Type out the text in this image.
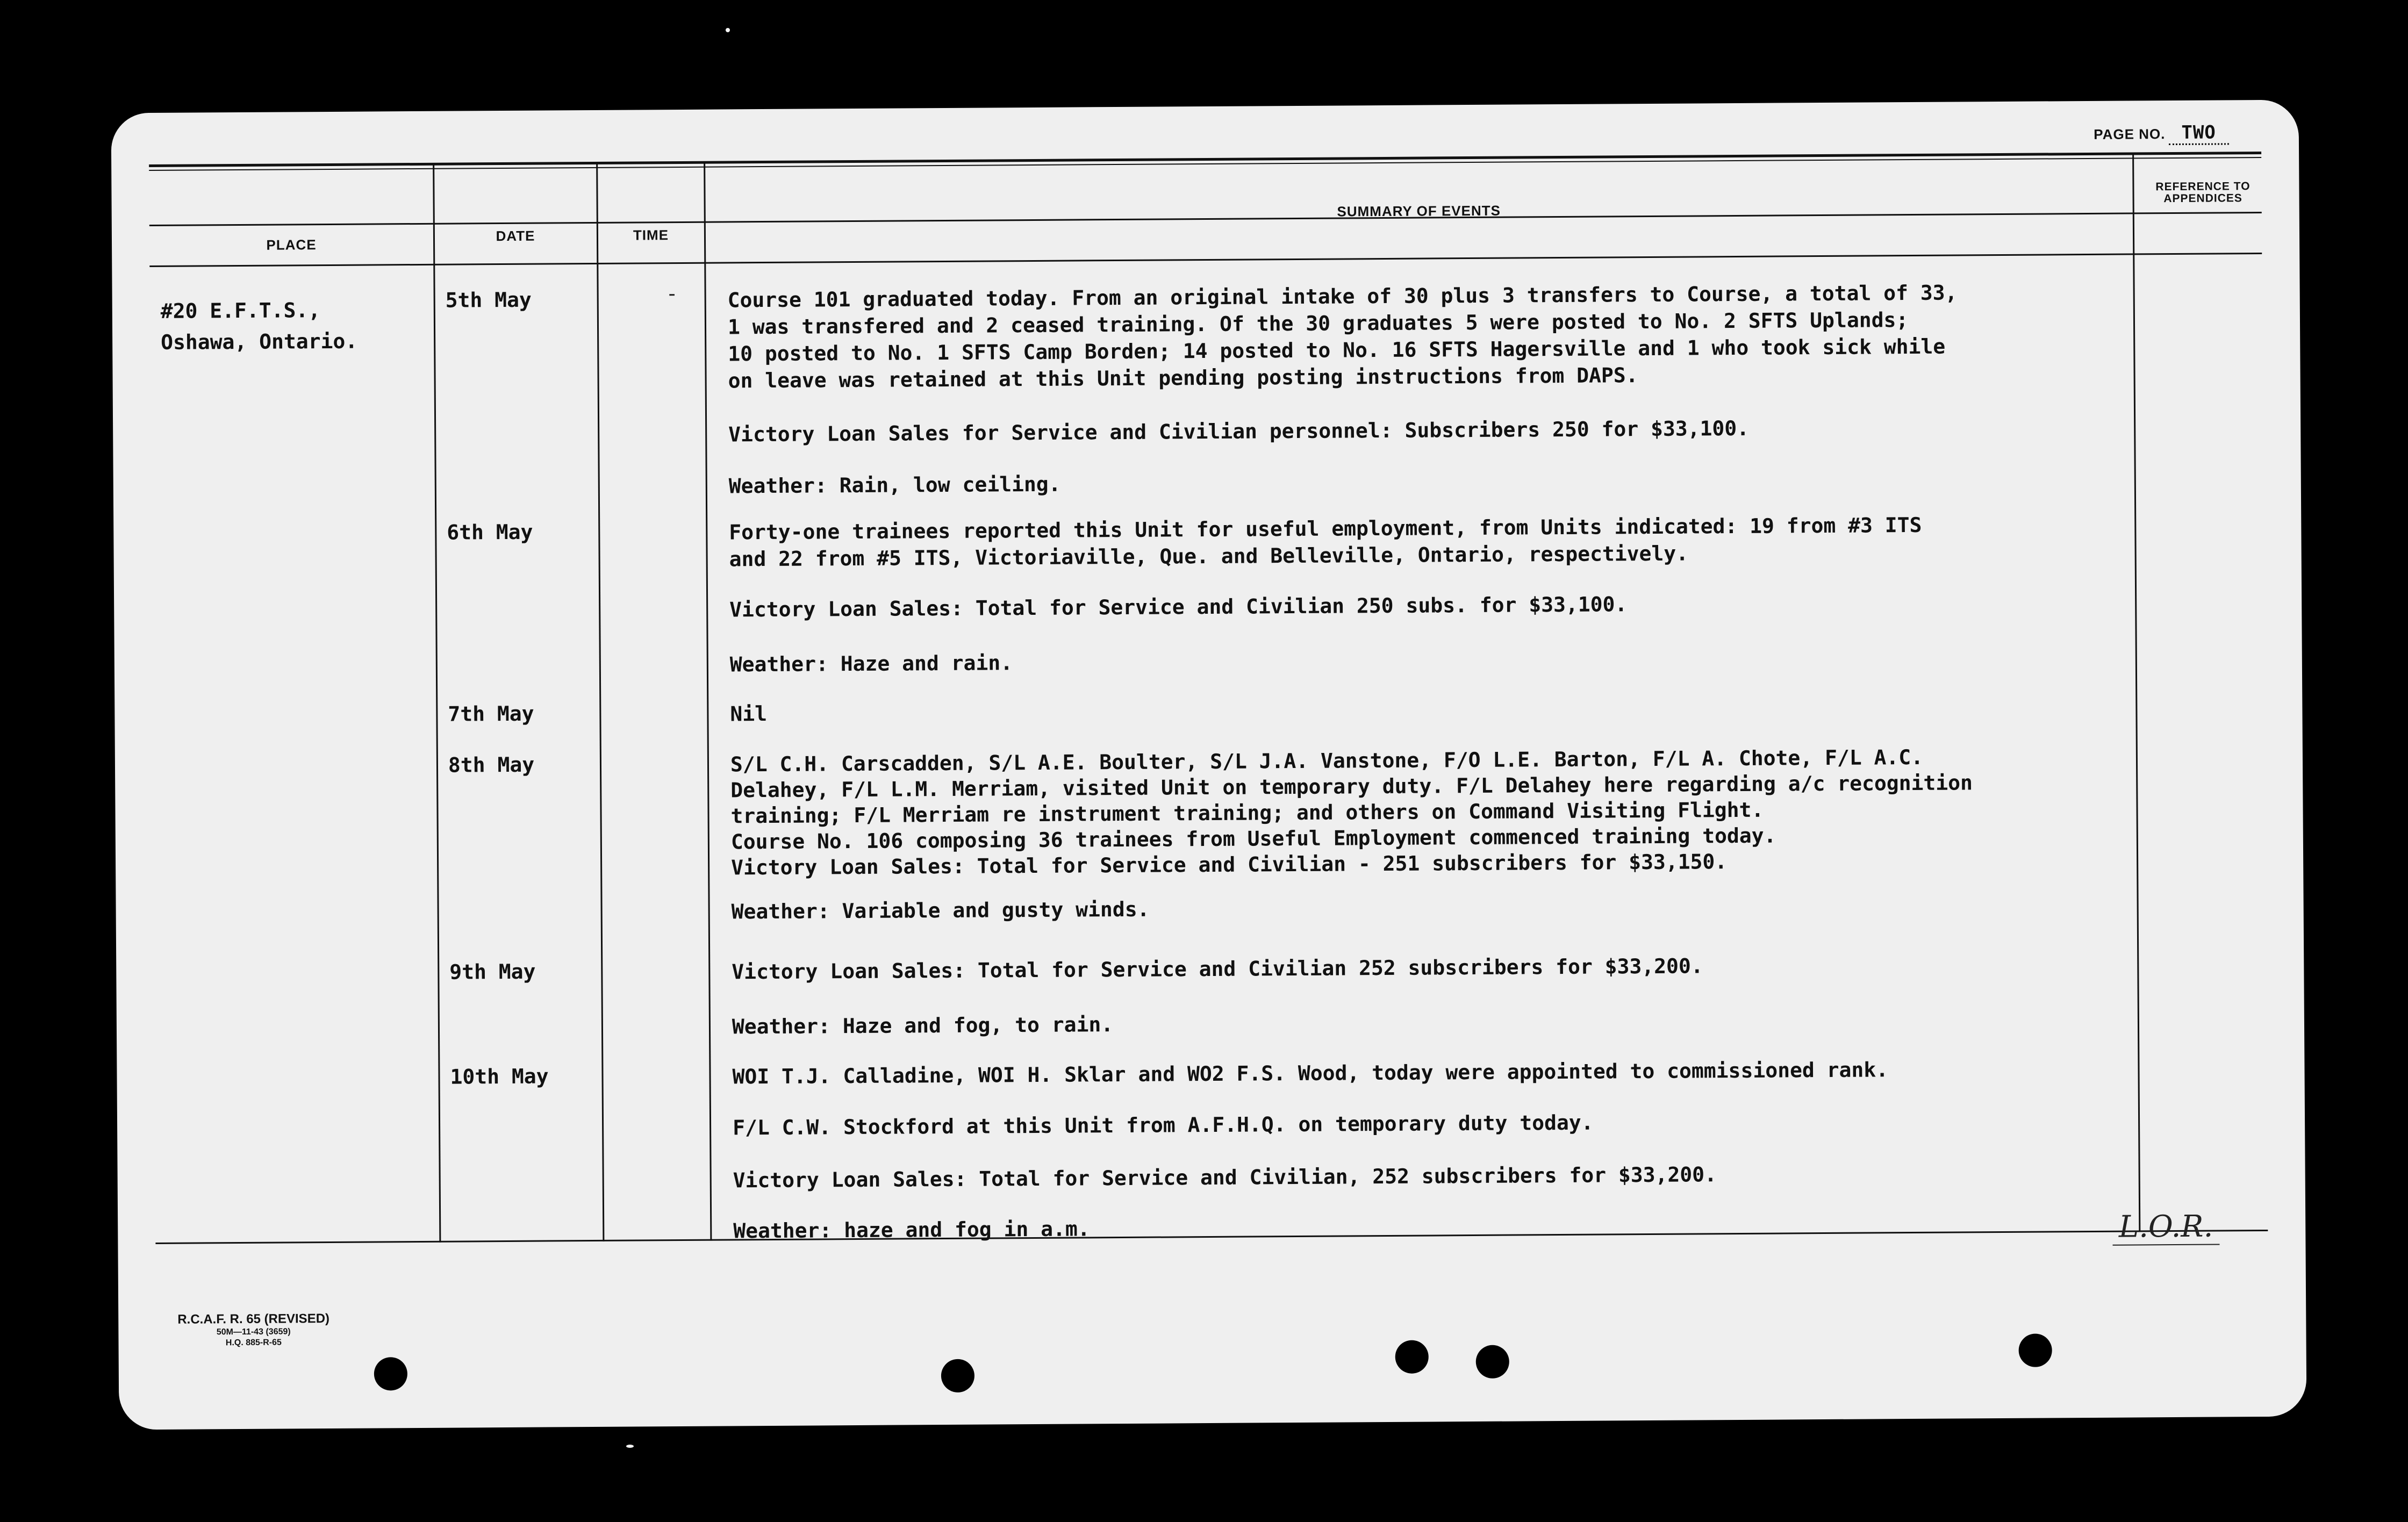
PAGE NO. TWO
PLACE
DATE	TIME
SUMMARY OF EVENTS
REFERENCE TO APPENDICES
#20 E.F.T.S.,
Oshawa, Ontario.
5th May
6th May
7th May
8th May
9th May
10th May
- Course 101 graduated today. From an original intake of 30 plus 3 transfers to Course, a total of 33,
1 was transfered and 2 ceased training. Of the 30 graduates 5 were posted to No. 2 SFTS Uplands;
10 posted to No. 1 SFTS Camp Borden; 14 posted to No. 16 SFTS Hagersville and 1 who took sick while
on leave was retained at this Unit pending posting instructions from DAPS.
Victory Loan Sales for Service and Civilian personnel: Subscribers 250 for $33,100.
Weather: Rain, low ceiling.
Forty-one trainees reported this Unit for useful employment, from Units indicated: 19 from #3 ITS
and 22 from #5 ITS, Victoriaville, Que. and Belleville, Ontario, respectively.
Victory Loan Sales: Total for Service and Civilian 250 subs. for $33,100.
Weather: Haze and rain.
Nil
S/L C.H. Carscadden, S/L A.E. Boulter, S/L J.A. Vanstone, F/O L.E. Barton, F/L A. Chote, F/L A.C.
Delahey, F/L L.M. Merriam, visited Unit on temporary duty. F/L Delahey here regarding a/c recognition
training; F/L Merriam re instrument training; and others on Command Visiting Flight.
Course No. 106 composing 36 trainees from Useful Employment commenced training today.
Victory Loan Sales: Total for Service and Civilian - 251 subscribers for $33,150.
Weather: Variable and gusty winds.
Victory Loan Sales: Total for Service and Civilian 252 subscribers for $33,200.
Weather: Haze and fog, to rain.
WOI T.J. Calladine, WOI H. Sklar and WO2 F.S. Wood, today were appointed to commissioned rank.
F/L C.W. Stockford at this Unit from A.F.H.Q. on temporary duty today.
Victory Loan Sales: Total for Service and Civilian, 252 subscribers for $33,200.
Weather: haze and fog in a.m.	L.O.R.
R.C.A.F. R. 65 (REVISED)
50M—11-43 (3659)
H.Q. 885-R-65
